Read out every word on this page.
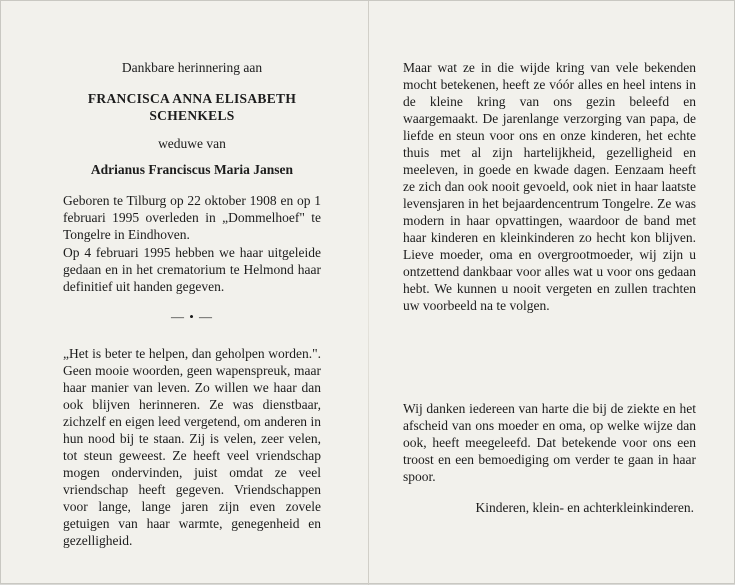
Dankbare herinnering aan
FRANCISCA ANNA ELISABETH
SCHENKELS
weduwe van
Adrianus Franciscus Maria Jansen
Geboren te Tilburg op 22 oktober 1908 en op 1 februari 1995 overleden in „Dommelhoef" te Tongelre in Eindhoven.
Op 4 februari 1995 hebben we haar uitgeleide gedaan en in het crematorium te Helmond haar definitief uit handen gegeven.
— • —
„Het is beter te helpen, dan geholpen worden.". Geen mooie woorden, geen wapenspreuk, maar haar manier van leven. Zo willen we haar dan ook blijven herinneren. Ze was dienstbaar, zichzelf en eigen leed vergetend, om anderen in hun nood bij te staan. Zij is velen, zeer velen, tot steun geweest. Ze heeft veel vriendschap mogen ondervinden, juist omdat ze veel vriendschap heeft gegeven. Vriendschappen voor lange, lange jaren zijn even zovele getuigen van haar warmte, genegenheid en gezelligheid.
Maar wat ze in die wijde kring van vele bekenden mocht betekenen, heeft ze vóór alles en heel intens in de kleine kring van ons gezin beleefd en waargemaakt. De jarenlange verzorging van papa, de liefde en steun voor ons en onze kinderen, het echte thuis met al zijn hartelijkheid, gezelligheid en meeleven, in goede en kwade dagen. Eenzaam heeft ze zich dan ook nooit gevoeld, ook niet in haar laatste levensjaren in het bejaardencentrum Tongelre. Ze was modern in haar opvattingen, waardoor de band met haar kinderen en kleinkinderen zo hecht kon blijven. Lieve moeder, oma en overgrootmoeder, wij zijn u ontzettend dankbaar voor alles wat u voor ons gedaan hebt. We kunnen u nooit vergeten en zullen trachten uw voorbeeld na te volgen.
Wij danken iedereen van harte die bij de ziekte en het afscheid van ons moeder en oma, op welke wijze dan ook, heeft meegeleefd. Dat betekende voor ons een troost en een bemoediging om verder te gaan in haar spoor.
Kinderen, klein- en achterkleinkinderen.
